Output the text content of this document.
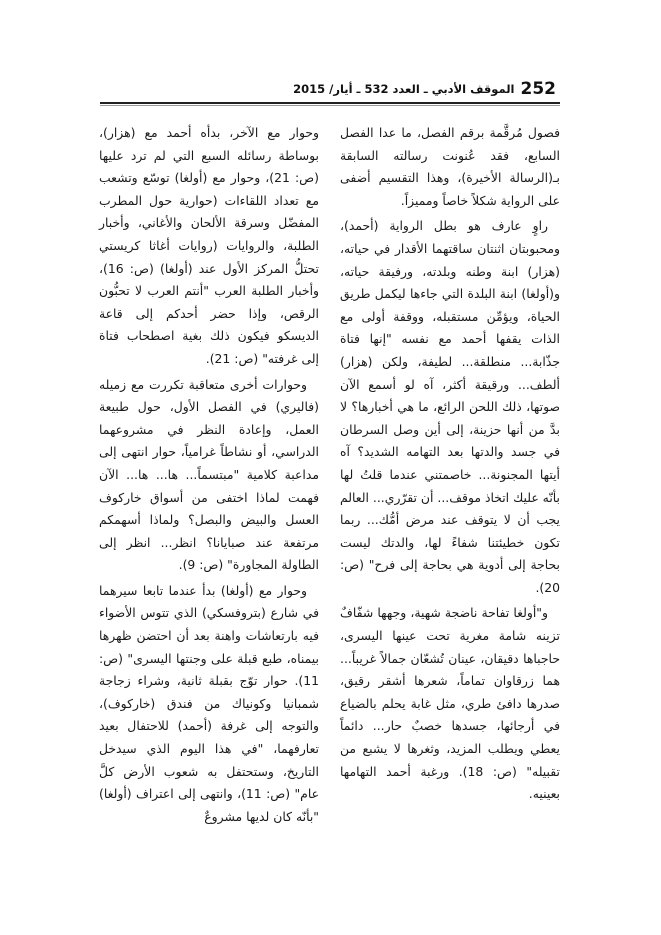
252
الموقف الأدبي ـ العدد 532 ـ أيار/ 2015

فصول مُرقَّمة برقم الفصل، ما عدا الفصل السابع، فقد عُنونت رسالته السابقة بـ(الرسالة الأخيرة)، وهذا التقسيم أضفى على الرواية شكلاً خاصاً ومميزاً.

راوٍ عارف هو بطل الرواية (أحمد)، ومحبوبتان اثنتان ساقتهما الأقدار في حياته، (هزار) ابنة وطنه وبلدته، ورفيقة حياته، و(أولغا) ابنة البلدة التي جاءها ليكمل طريق الحياة، ويؤمِّن مستقبله، ووقفة أولى مع الذات يقفها أحمد مع نفسه "إنها فتاة جذّابة... منطلقة... لطيفة، ولكن (هزار) ألطف... ورقيقة أكثر، آه لو أسمع الآن صوتها، ذلك اللحن الرائع، ما هي أخبارها؟ لا بدَّ من أنها حزينة، إلى أين وصل السرطان في جسد والدتها بعد التهامه الشديد؟ آه أيتها المجنونة... خاصمتني عندما قلتُ لها بأنّه عليك اتخاذ موقف... أن تقرّري... العالم يجب أن لا يتوقف عند مرض أمُّك... ربما تكون خطيئتنا شفاءً لها، والدتك ليست بحاجة إلى أدوية هي بحاجة إلى فرح" (ص: 20).

و"أولغا تفاحة ناضجة شهية، وجهها شفّافٌ تزينه شامة مغرية تحت عينها اليسرى، حاجباها دقيقان، عينان تُشعّان جمالاً غريباً... هما زرقاوان تماماً، شعرها أشقر رقيق، صدرها دافئ طري، مثل غابة يحلم بالضياع في أرجائها، جسدها خصبٌ حار... دائماً يعطي ويطلب المزيد، وثغرها لا يشبع من تقبيله" (ص: 18). ورغبة أحمد التهامها بعينيه.

وحوار مع الآخر، بدأه أحمد مع (هزار)، بوساطة رسائله السبع التي لم ترد عليها (ص: 21)، وحوار مع (أولغا) توسّع وتشعب مع تعداد اللقاءات (حوارية حول المطرب المفضّل وسرقة الألحان والأغاني، وأخبار الطلبة، والروايات (روايات أغاثا كريستي تحتلُّ المركز الأول عند (أولغا) (ص: 16)، وأخبار الطلبة العرب "أنتم العرب لا تحبُّون الرقص، وإذا حضر أحدكم إلى قاعة الديسكو فيكون ذلك بغية اصطحاب فتاة إلى غرفته" (ص: 21).

وحوارات أخرى متعاقبة تكررت مع زميله (فاليري) في الفصل الأول، حول طبيعة العمل، وإعادة النظر في مشروعهما الدراسي، أو نشاطاً غرامياً، حوار انتهى إلى مداعبة كلامية "مبتسماً... ها... ها... الآن فهمت لماذا اختفى من أسواق خاركوف العسل والبيض والبصل؟ ولماذا أسهمكم مرتفعة عند صبايانا؟ انظر... انظر إلى الطاولة المجاورة" (ص: 9).

وحوار مع (أولغا) بدأ عندما تابعا سيرهما في شارع (بتروفسكي) الذي تتوس الأضواء فيه بارتعاشات واهنة بعد أن احتضن ظهرها بيمناه، طبع قبلة على وجنتها اليسرى" (ص: 11). حوار توّج بقبلة ثانية، وشراء زجاجة شمبانيا وكونياك من فندق (خاركوف)، والتوجه إلى غرفة (أحمد) للاحتفال بعيد تعارفهما، "في هذا اليوم الذي سيدخل التاريخ، وستحتفل به شعوب الأرض كلَّ عام" (ص: 11)، وانتهى إلى اعتراف (أولغا) "بأنّه كان لديها مشروعٌ
